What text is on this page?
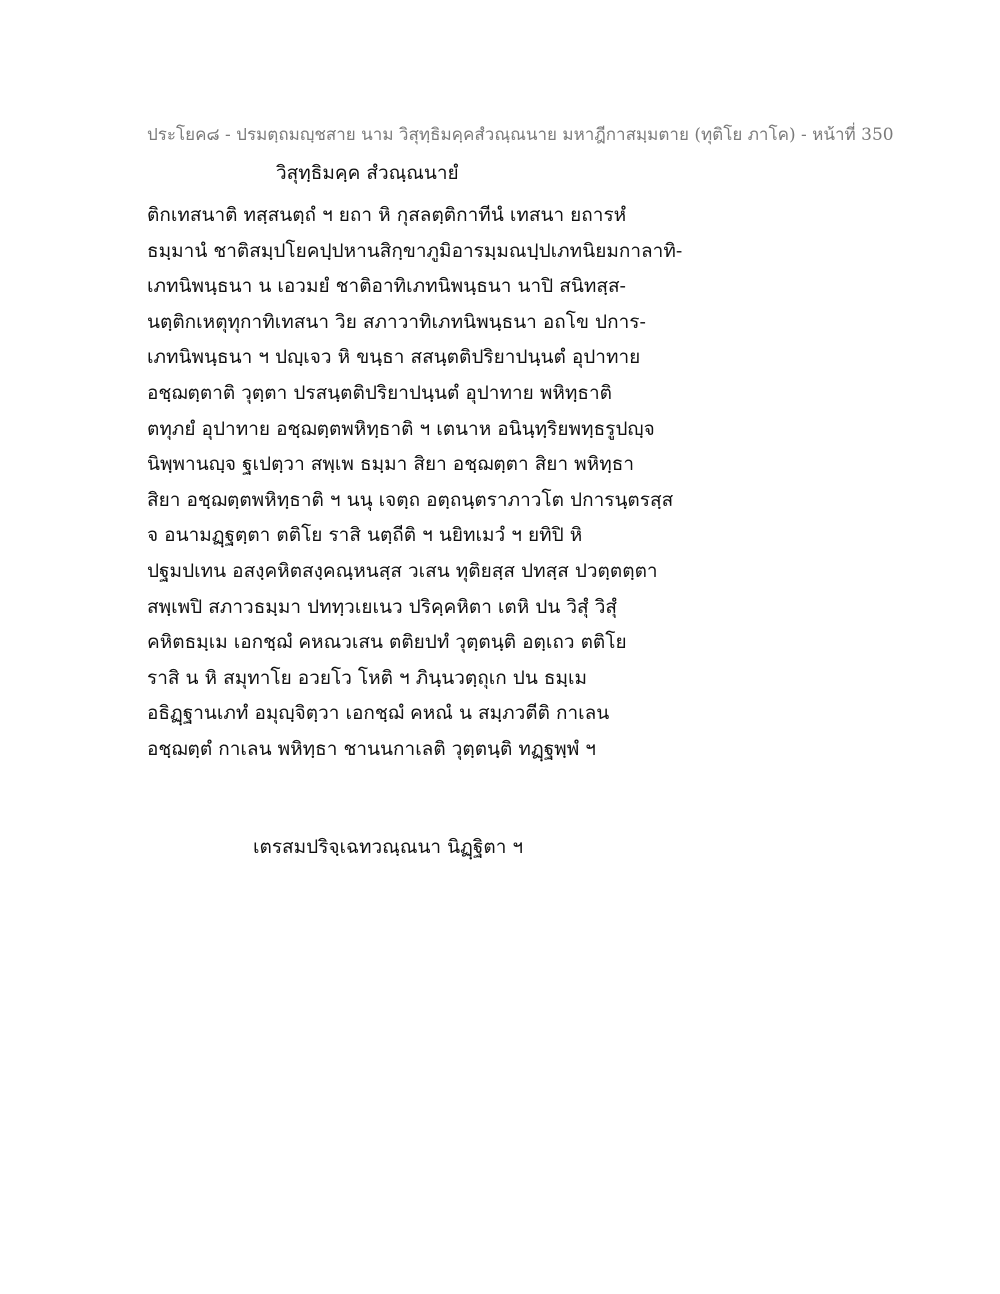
ประโยค๘ - ปรมตฺถมญฺชสาย นาม วิสุทฺธิมคฺคสํวณฺณนาย มหาฎีกาสมฺมตาย (ทุติโย ภาโค) - หน้าที่ 350
วิสุทฺธิมคฺค สํวณฺณนายํ
ติกเทสนาติ ทสฺสนตฺถํ ฯ ยถา หิ กุสลตฺติกาทีนํ เทสนา ยถารหํ
ธมฺมานํ ชาติสมฺปโยคปฺปหานสิกฺขาภูมิอารมฺมณปฺปเภทนิยมกาลาทิ-
เภทนิพนฺธนา น เอวมยํ ชาติอาทิเภทนิพนฺธนา นาปิ สนิทสฺส-
นตฺติกเหตุทุกาทิเทสนา วิย สภาวาทิเภทนิพนฺธนา อถโข ปการ-
เภทนิพนฺธนา ฯ ปญฺเจว หิ ขนฺธา สสนฺตติปริยาปนฺนตํ อุปาทาย
อชฺฌตฺตาติ วุตฺตา ปรสนฺตติปริยาปนฺนตํ อุปาทาย พหิทฺธาติ
ตทุภยํ อุปาทาย อชฺฌตฺตพหิทฺธาติ ฯ เตนาห อนินฺทฺริยพทฺธรูปญฺจ
นิพฺพานญฺจ ฐเปตฺวา สพฺเพ ธมฺมา สิยา อชฺฌตฺตา สิยา พหิทฺธา
สิยา อชฺฌตฺตพหิทฺธาติ ฯ นนุ เจตฺถ อตฺถนฺตราภาวโต ปการนฺตรสฺส
จ อนามฏฺฐตฺตา ตติโย ราสิ นตฺถีติ ฯ นยิทเมวํ ฯ ยทิปิ หิ
ปฐมปเทน อสงฺคหิตสงฺคณฺหนสฺส วเสน ทุติยสฺส ปทสฺส ปวตฺตตฺตา
สพฺเพปิ สภาวธมฺมา ปททฺวเยเนว ปริคฺคหิตา เตหิ ปน วิสุํ วิสุํ
คหิตธมฺเม เอกชฺฌํ คหณวเสน ตติยปทํ วุตฺตนฺติ อตฺเถว ตติโย
ราสิ น หิ สมุทาโย อวยโว โหติ ฯ ภินฺนวตฺถุเก ปน ธมฺเม
อธิฏฺฐานเภทํ อมุญฺจิตฺวา เอกชฺฌํ คหณํ น สมฺภวตีติ กาเลน
อชฺฌตฺตํ กาเลน พหิทฺธา ชานนกาเลติ วุตฺตนฺติ ทฏฺฐพฺพํ ฯ
เตรสมปริจฺเฉทวณฺณนา นิฏฺฐิตา ฯ
